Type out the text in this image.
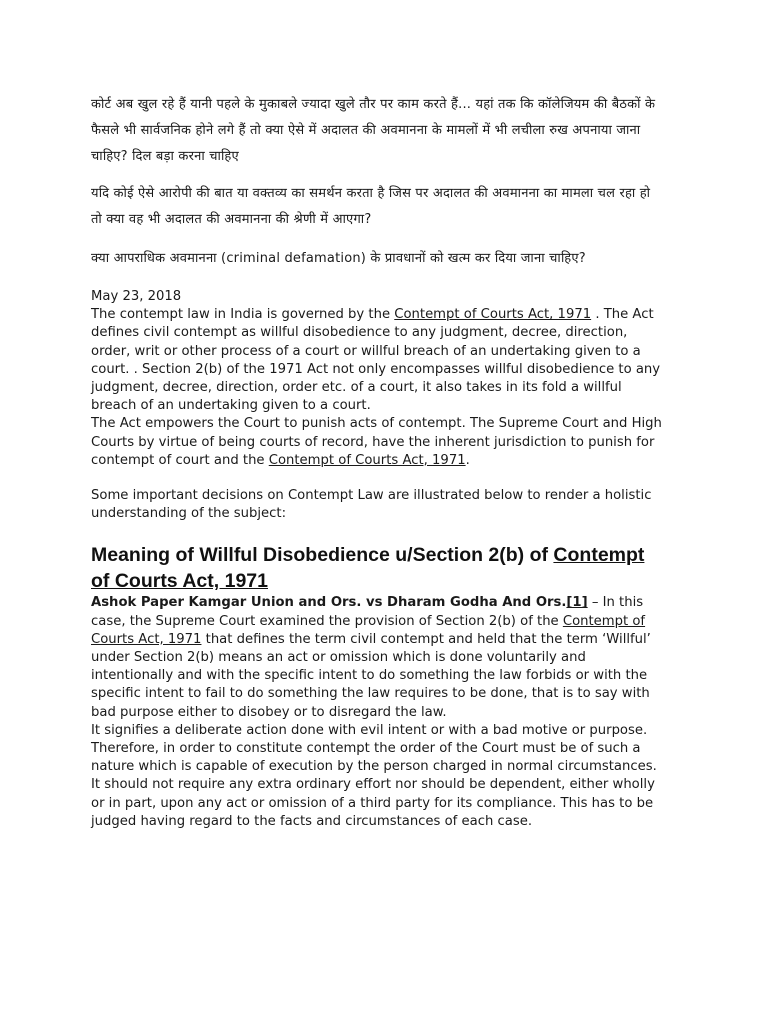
कोर्ट अब खुल रहे हैं यानी पहले के मुकाबले ज्यादा खुले तौर पर काम करते हैं... यहां तक कि कॉलेजियम की बैठकों के फैसले भी सार्वजनिक होने लगे हैं तो क्या ऐसे में अदालत की अवमानना के मामलों में भी लचीला रुख अपनाया जाना चाहिए? दिल बड़ा करना चाहिए

यदि कोई ऐसे आरोपी की बात या वक्तव्य का समर्थन करता है जिस पर अदालत की अवमानना का मामला चल रहा हो तो क्या वह भी अदालत की अवमानना की श्रेणी में आएगा?

क्या आपराधिक अवमानना (criminal defamation) के प्रावधानों को खत्म कर दिया जाना चाहिए?

May 23, 2018

The contempt law in India is governed by the Contempt of Courts Act, 1971 . The Act defines civil contempt as willful disobedience to any judgment, decree, direction, order, writ or other process of a court or willful breach of an undertaking given to a court. . Section 2(b) of the 1971 Act not only encompasses willful disobedience to any judgment, decree, direction, order etc. of a court, it also takes in its fold a willful breach of an undertaking given to a court.

The Act empowers the Court to punish acts of contempt. The Supreme Court and High Courts by virtue of being courts of record, have the inherent jurisdiction to punish for contempt of court and the Contempt of Courts Act, 1971.

Some important decisions on Contempt Law are illustrated below to render a holistic understanding of the subject:

Meaning of Willful Disobedience u/Section 2(b) of Contempt of Courts Act, 1971

Ashok Paper Kamgar Union and Ors. vs Dharam Godha And Ors.[1] – In this case, the Supreme Court examined the provision of Section 2(b) of the Contempt of Courts Act, 1971 that defines the term civil contempt and held that the term ‘Willful’ under Section 2(b) means an act or omission which is done voluntarily and intentionally and with the specific intent to do something the law forbids or with the specific intent to fail to do something the law requires to be done, that is to say with bad purpose either to disobey or to disregard the law.

It signifies a deliberate action done with evil intent or with a bad motive or purpose. Therefore, in order to constitute contempt the order of the Court must be of such a nature which is capable of execution by the person charged in normal circumstances. It should not require any extra ordinary effort nor should be dependent, either wholly or in part, upon any act or omission of a third party for its compliance. This has to be judged having regard to the facts and circumstances of each case.
